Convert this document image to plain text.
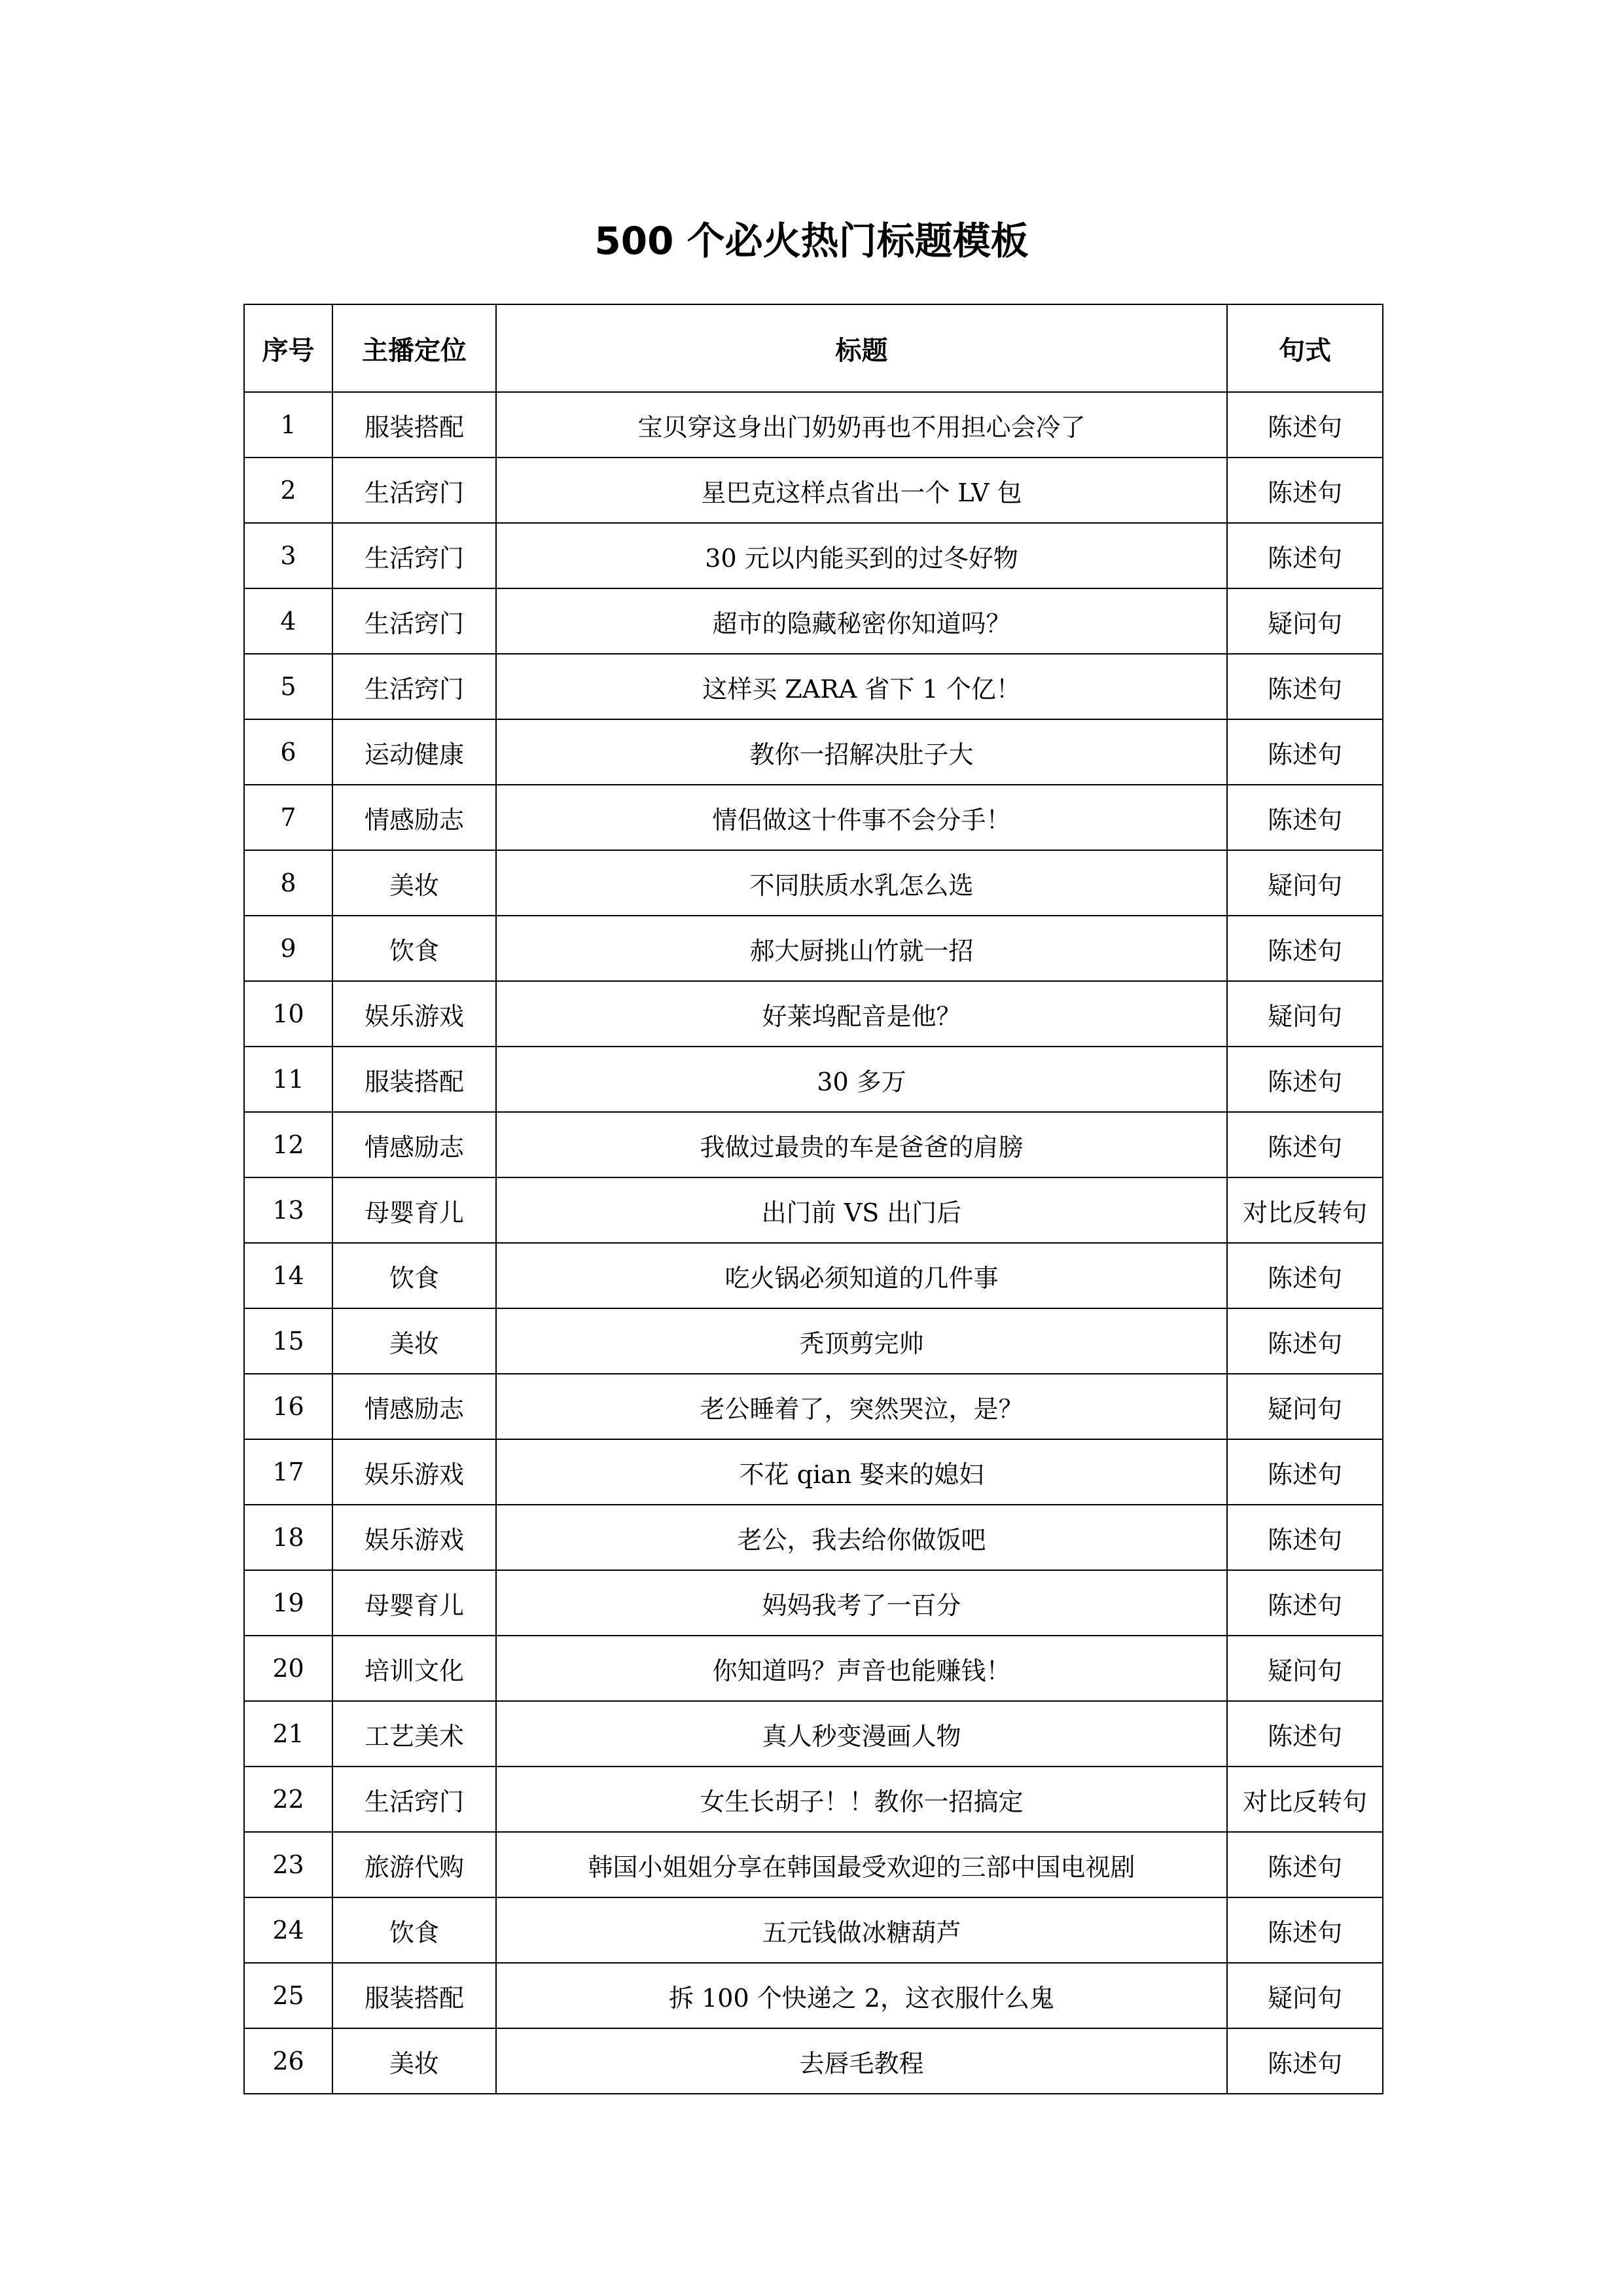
500 个必火热门标题模板
序号	主播定位	标题	句式
1	服装搭配	宝贝穿这身出门奶奶再也不用担心会冷了	陈述句
2	生活窍门	星巴克这样点省出一个 LV 包	陈述句
3	生活窍门	30 元以内能买到的过冬好物	陈述句
4	生活窍门	超市的隐藏秘密你知道吗？	疑问句
5	生活窍门	这样买 ZARA 省下 1 个亿！	陈述句
6	运动健康	教你一招解决肚子大	陈述句
7	情感励志	情侣做这十件事不会分手！	陈述句
8	美妆	不同肤质水乳怎么选	疑问句
9	饮食	郝大厨挑山竹就一招	陈述句
10	娱乐游戏	好莱坞配音是他？	疑问句
11	服装搭配	30 多万	陈述句
12	情感励志	我做过最贵的车是爸爸的肩膀	陈述句
13	母婴育儿	出门前 VS 出门后	对比反转句
14	饮食	吃火锅必须知道的几件事	陈述句
15	美妆	秃顶剪完帅	陈述句
16	情感励志	老公睡着了，突然哭泣，是？	疑问句
17	娱乐游戏	不花 qian 娶来的媳妇	陈述句
18	娱乐游戏	老公，我去给你做饭吧	陈述句
19	母婴育儿	妈妈我考了一百分	陈述句
20	培训文化	你知道吗？声音也能赚钱！	疑问句
21	工艺美术	真人秒变漫画人物	陈述句
22	生活窍门	女生长胡子！！教你一招搞定	对比反转句
23	旅游代购	韩国小姐姐分享在韩国最受欢迎的三部中国电视剧	陈述句
24	饮食	五元钱做冰糖葫芦	陈述句
25	服装搭配	拆 100 个快递之 2，这衣服什么鬼	疑问句
26	美妆	去唇毛教程	陈述句
